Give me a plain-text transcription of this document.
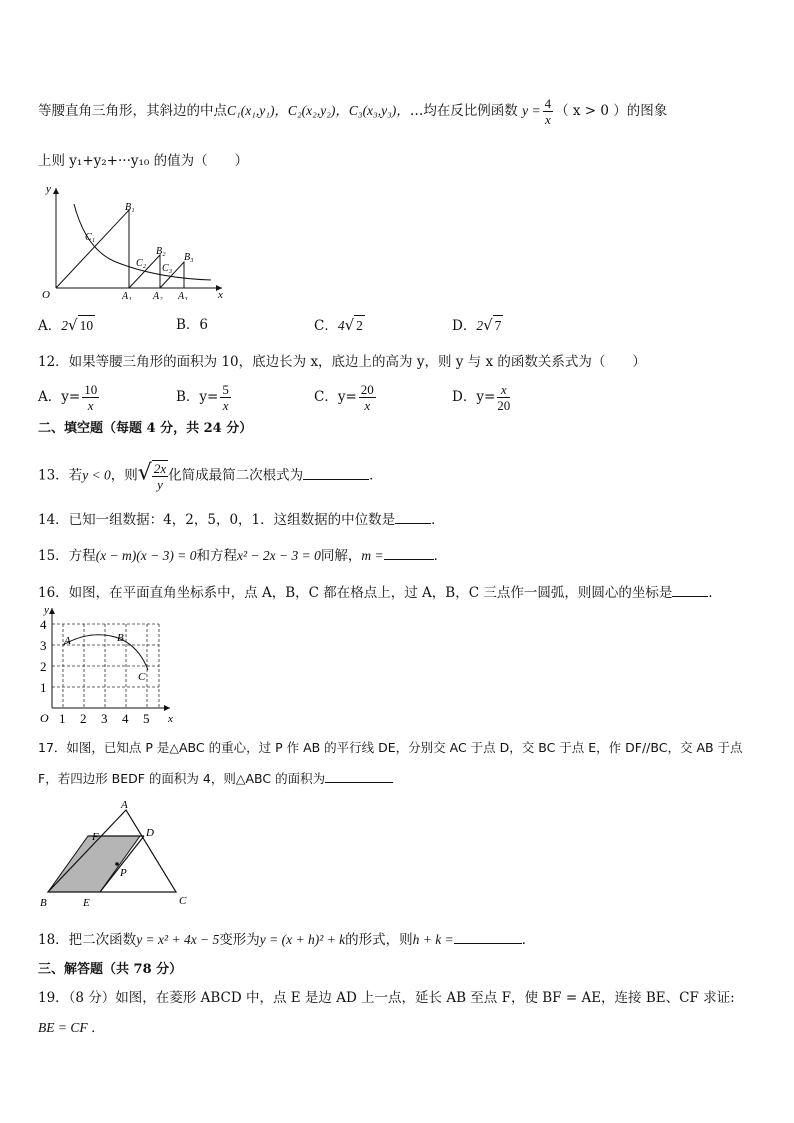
等腰直角三角形，其斜边的中点C₁(x₁,y₁)，C₂(x₂,y₂)，C₃(x₃,y₃)，…均在反比例函数 $y = \frac{4}{x}$ （ x > 0 ）的图象
上则 y₁+y₂+···y₁₀ 的值为（　　）
y
x
O
B₁
B₂
B₃
C₁
C₂ C₃
A₁ A₂ A₃
A．2√ 10	B．6	C．4√ 2	D．2√ 7
12．如果等腰三角形的面积为 10，底边长为 x，底边上的高为 y，则 y 与 x 的函数关系式为（　　）
A．$y= \frac{10}{x}$	B．$y= \frac{5}{x}$	C．$y= \frac{20}{x}$	D．$y= \frac{x}{20}$
二、填空题（每题 4 分，共 24 分）
13．若y < 0，则√ $\frac{2x}{y}$ 化简成最简二次根式为	．
14．已知一组数据：4，2，5，0，1．这组数据的中位数是	．
15．方程(x − m)(x − 3) = 0和方程x² − 2x − 3 = 0同解，m =	．
16．如图，在平面直角坐标系中，点 A，B，C 都在格点上，过 A，B，C 三点作一圆弧，则圆心的坐标是	．
y
x
O
A	B
C
4
3
2
1
1 2 3 4 5
17．如图，已知点 P 是△ABC 的重心，过 P 作 AB 的平行线 DE，分别交 AC 于点 D，交 BC 于点 E，作 DF//BC，交 AB 于点
F，若四边形 BEDF 的面积为 4，则△ABC 的面积为
A
B	C
D
E
F
P
18．把二次函数y = x² + 4x − 5变形为y = (x + h)² + k的形式，则h + k =	．
三、解答题（共 78 分）
19．（8 分）如图，在菱形 ABCD 中，点 E 是边 AD 上一点，延长 AB 至点 F，使 BF = AE，连接 BE、CF 求证:
BE = CF ．
